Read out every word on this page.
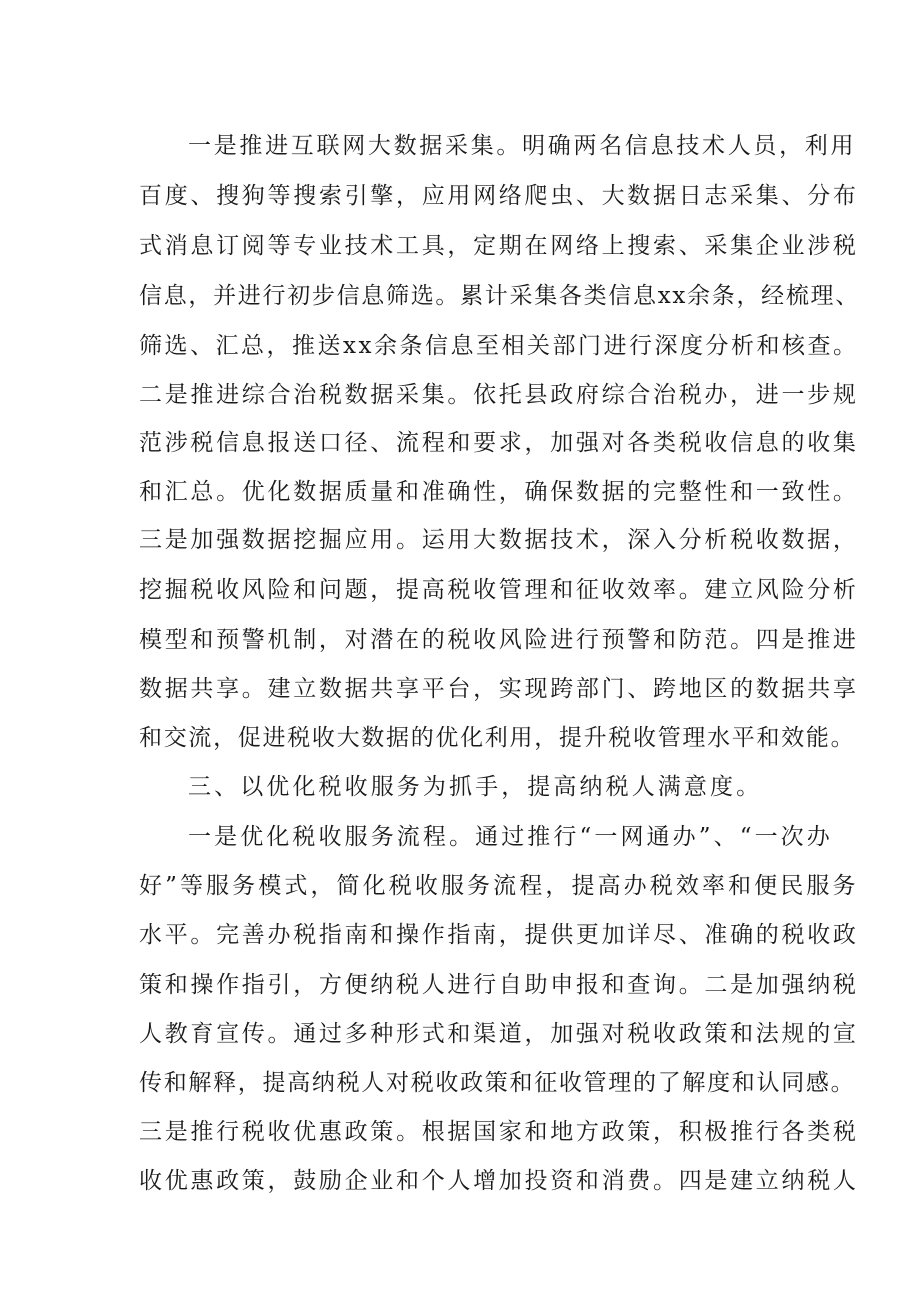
一是推进互联网大数据采集。明确两名信息技术人员，利用
百度、搜狗等搜索引擎，应用网络爬虫、大数据日志采集、分布
式消息订阅等专业技术工具，定期在网络上搜索、采集企业涉税
信息，并进行初步信息筛选。累计采集各类信息xx余条，经梳理、
筛选、汇总，推送xx余条信息至相关部门进行深度分析和核查。
二是推进综合治税数据采集。依托县政府综合治税办，进一步规
范涉税信息报送口径、流程和要求，加强对各类税收信息的收集
和汇总。优化数据质量和准确性，确保数据的完整性和一致性。
三是加强数据挖掘应用。运用大数据技术，深入分析税收数据，
挖掘税收风险和问题，提高税收管理和征收效率。建立风险分析
模型和预警机制，对潜在的税收风险进行预警和防范。四是推进
数据共享。建立数据共享平台，实现跨部门、跨地区的数据共享
和交流，促进税收大数据的优化利用，提升税收管理水平和效能。
三、以优化税收服务为抓手，提高纳税人满意度。
一是优化税收服务流程。通过推行“一网通办”、“一次办
好”等服务模式，简化税收服务流程，提高办税效率和便民服务
水平。完善办税指南和操作指南，提供更加详尽、准确的税收政
策和操作指引，方便纳税人进行自助申报和查询。二是加强纳税
人教育宣传。通过多种形式和渠道，加强对税收政策和法规的宣
传和解释，提高纳税人对税收政策和征收管理的了解度和认同感。
三是推行税收优惠政策。根据国家和地方政策，积极推行各类税
收优惠政策，鼓励企业和个人增加投资和消费。四是建立纳税人
